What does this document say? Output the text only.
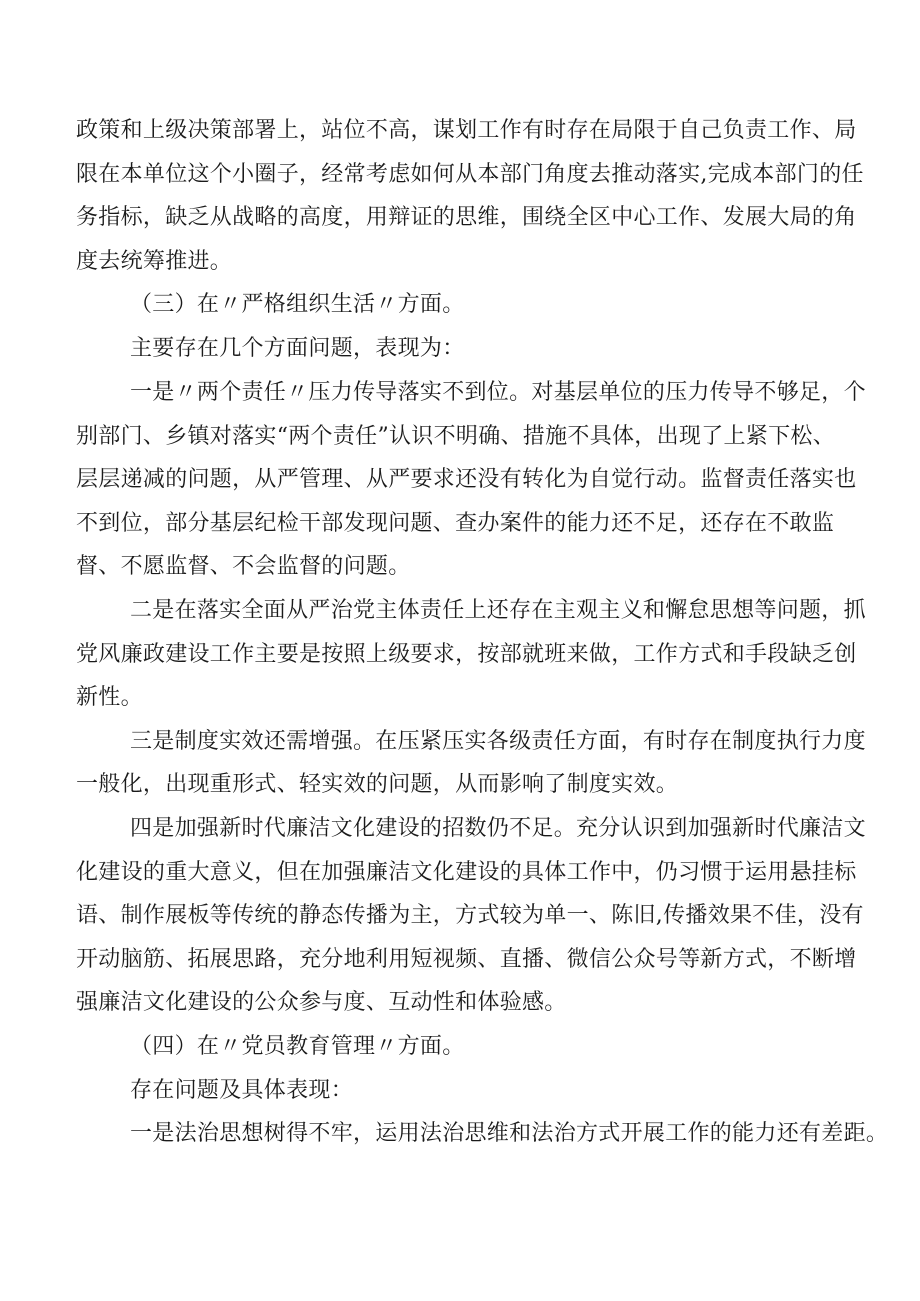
政策和上级决策部署上，站位不高，谋划工作有时存在局限于自己负责工作、局
限在本单位这个小圈子，经常考虑如何从本部门角度去推动落实,完成本部门的任
务指标，缺乏从战略的高度，用辩证的思维，围绕全区中心工作、发展大局的角
度去统筹推进。
（三）在〃严格组织生活〃方面。
主要存在几个方面问题，表现为：
一是〃两个责任〃压力传导落实不到位。对基层单位的压力传导不够足，个
别部门、乡镇对落实“两个责任”认识不明确、措施不具体，出现了上紧下松、
层层递减的问题，从严管理、从严要求还没有转化为自觉行动。监督责任落实也
不到位，部分基层纪检干部发现问题、查办案件的能力还不足，还存在不敢监
督、不愿监督、不会监督的问题。
二是在落实全面从严治党主体责任上还存在主观主义和懈怠思想等问题，抓
党风廉政建设工作主要是按照上级要求，按部就班来做，工作方式和手段缺乏创
新性。
三是制度实效还需增强。在压紧压实各级责任方面，有时存在制度执行力度
一般化，出现重形式、轻实效的问题，从而影响了制度实效。
四是加强新时代廉洁文化建设的招数仍不足。充分认识到加强新时代廉洁文
化建设的重大意义，但在加强廉洁文化建设的具体工作中，仍习惯于运用悬挂标
语、制作展板等传统的静态传播为主，方式较为单一、陈旧,传播效果不佳，没有
开动脑筋、拓展思路，充分地利用短视频、直播、微信公众号等新方式，不断增
强廉洁文化建设的公众参与度、互动性和体验感。
（四）在〃党员教育管理〃方面。
存在问题及具体表现：
一是法治思想树得不牢，运用法治思维和法治方式开展工作的能力还有差距。
